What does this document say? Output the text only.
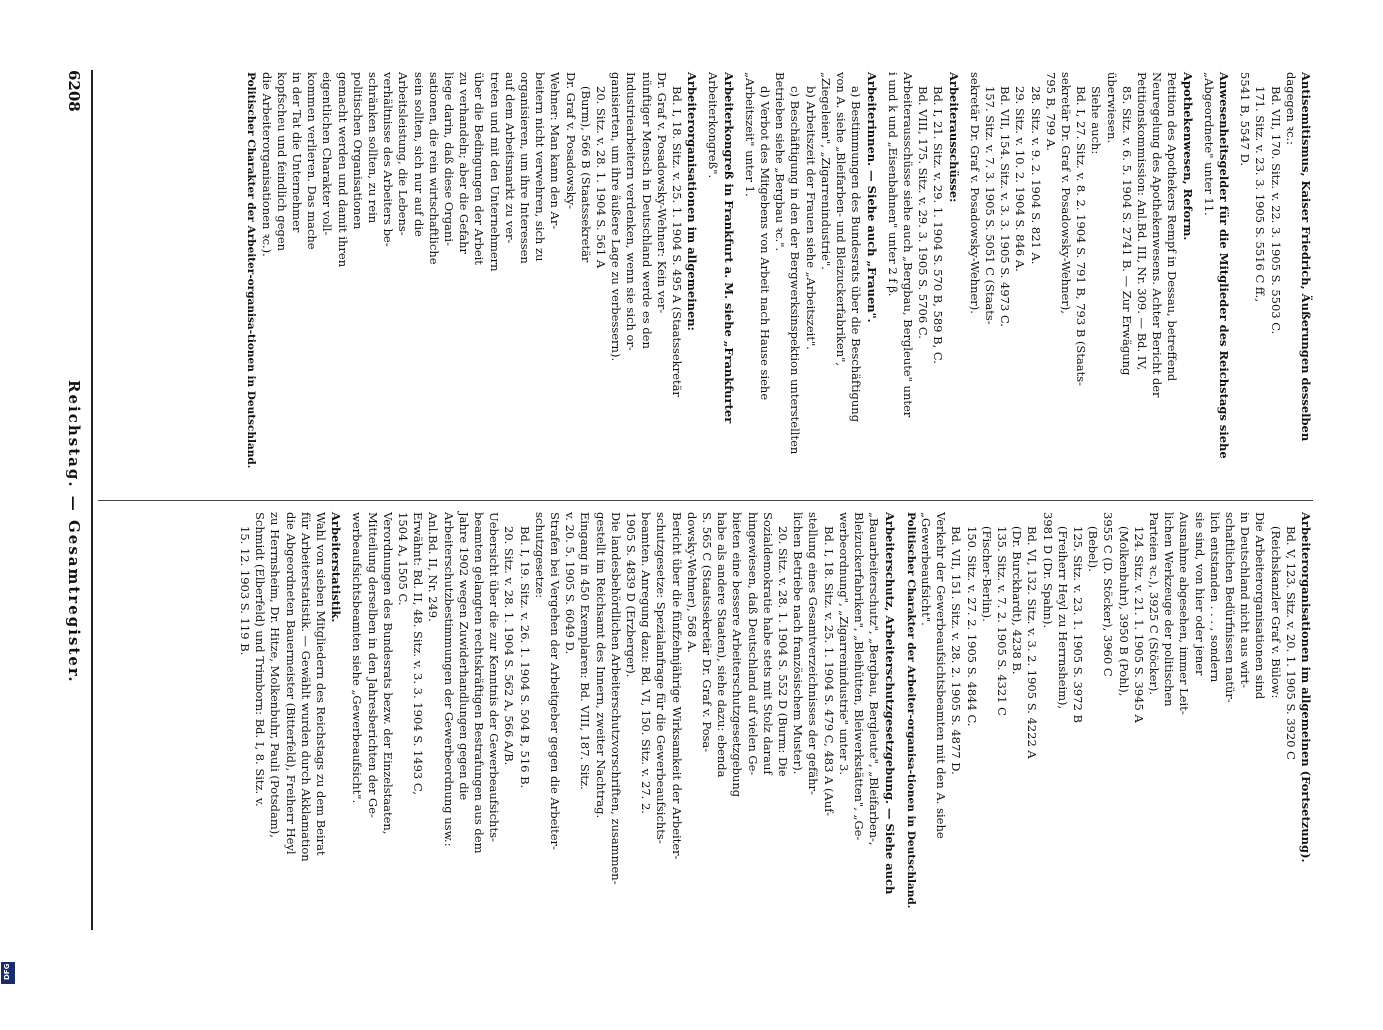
DFG
6208
Reichstag. — Gesamtregister.

Antisemitismus, Kaiser Friedrich, Äußerungen desselben

dagegen ꝛc.:

Bd. VII, 170. Sitz. v. 22. 3. 1905 S. 5503 C.

171. Sitz. v. 23. 3. 1905 S. 5516 C ff.,

5541 B, 5547 D.

Anwesenheitsgelder für die Mitglieder des Reichstags siehe

„Abgeordnete" unter 11.

Apothekenwesen, Reform.

Petition des Apothekers Rempf in Dessau, betreffend

Neuregelung des Apothekenwesens. Achter Bericht der

Petitionskommission: Anl.Bd. III, Nr. 309. — Bd. IV,

85. Sitz. v. 6. 5. 1904 S. 2741 B. — Zur Erwägung

überwiesen.

Siehe auch:

Bd. I, 27. Sitz. v. 8. 2. 1904 S. 791 B, 793 B (Staats-

sekretär Dr. Graf v. Posadowsky-Wehner),

795 B, 799 A.

28. Sitz. v. 9. 2. 1904 S. 821 A.

29. Sitz. v. 10. 2. 1904 S. 846 A.

Bd. VII, 154. Sitz. v. 3. 3. 1905 S. 4973 C.

157. Sitz. v. 7. 3. 1905 S. 5051 C (Staats-

sekretär Dr. Graf v. Posadowsky-Wehner).

Arbeiterausschüsse:

Bd. I, 21. Sitz. v. 29. 1. 1904 S. 570 B, 589 B, C.

Bd. VIII, 175. Sitz. v. 29. 3. 1905 S. 5706 C.

Arbeiterausschüsse siehe auch „Bergbau, Bergleute" unter

i und k und „Eisenbahnen" unter 2 f β.

Arbeiterinnen. — Siehe auch „Frauen".

a) Bestimmungen des Bundesrats über die Beschäftigung

von A. siehe „Bleifarben- und Bleizuckerfabriken",

„Ziegeleien", „Zigarrenindustrie".

b) Arbeitszeit der Frauen siehe „Arbeitszeit".

c) Beschäftigung in den der Bergwerksinspektion unterstellten

Betrieben siehe „Bergbau ꝛc.".

d) Verbot des Mitgebens von Arbeit nach Hause siehe

„Arbeitszeit" unter 1.

Arbeiterkongreß in Frankfurt a. M. siehe „Frankfurter

Arbeiterkongreß".

Arbeiterorganisationen im allgemeinen:

Bd. I, 18. Sitz. v. 25. 1. 1904 S. 495 A (Staatssekretär

Dr. Graf v. Posadowsky-Wehner: Kein ver-

nünftiger Mensch in Deutschland werde es den

Industriearbeitern verdenken, wenn sie sich or-

ganisierten, um ihre äußere Lage zu verbessern).

20. Sitz. v. 28. 1. 1904 S. 561 A

(Burm), 566 B (Staatssekretär

Dr. Graf v. Posadowsky-

Wehner: Man kann den Ar-

beitern nicht verwehren, sich zu

organisieren, um ihre Interessen

auf dem Arbeitsmarkt zu ver-

treten und mit den Unternehmern

über die Bedingungen der Arbeit

zu verhandeln; aber die Gefahr

liege darin, daß diese Organi-

sationen, die rein wirtschaftliche

sein sollten, sich nur auf die

Arbeitsleistung, die Lebens-

verhältnisse des Arbeiters be-

schränken sollten, zu rein

politischen Organisationen

gemacht werden und damit ihren

eigentlichen Charakter voll-

kommen verlieren. Das mache

in der Tat die Unternehmer

kopfscheu und feindlich gegen

die Arbeiterorganisationen ꝛc.).

Politischer Charakter der Arbeiter-organisa-tionen in Deutschland.

Arbeiterorganisationen im allgemeinen (Fortsetzung).

Bd. V, 123. Sitz. v. 20. 1. 1905 S. 3920 C

(Reichskanzler Graf v. Bülow:

Die Arbeiterorganisationen sind

in Deutschland nicht aus wirt-

schaftlichen Bedürfnissen natür-

lich entstanden . . . , sondern

sie sind, von hier oder jener

Ausnahme abgesehen, immer Leit-

lichen Werkzeuge der politischen

Parteien ꝛc.), 3925 C (Stöcker).

124. Sitz. v. 21. 1. 1905 S. 3945 A

(Molkenbuhr), 3950 B (Pohl),

3955 C (D. Stöcker), 3960 C

(Bebel).

125. Sitz. v. 23. 1. 1905 S. 3972 B

(Freiherr Heyl zu Herrnsheim),

3981 D (Dr. Spahn).

Bd. VI, 132. Sitz. v. 3. 2. 1905 S. 4222 A

(Dr. Burckhardt), 4238 B.

135. Sitz. v. 7. 2. 1905 S. 4321 C

(Fischer-Berlin).

150. Sitz. v. 27. 2. 1905 S. 4844 C.

Bd. VII, 151. Sitz. v. 28. 2. 1905 S. 4877 D.

Verkehr der Gewerbeaufsichtsbeamten mit den A. siehe

„Gewerbeaufsicht".

Politischer Charakter der Arbeiter-organisa-tionen in Deutschland.

Arbeiterschutz, Arbeiterschutzgesetzgebung. — Siehe auch

„Bauarbeiterschutz", „Bergbau, Bergleute", „Bleifarben-,

Bleizuckerfabriken", „Bleihütten, Bleiwerkstätten", „Ge-

werbeordnung", „Zigarrenindustrie" unter 3.

Bd. I, 18. Sitz. v. 25. 1. 1904 S. 479 C, 483 A (Auf-

stellung eines Gesamtverzeichnisses der gefähr-

lichen Betriebe nach französischem Muster).

20. Sitz. v. 28. 1. 1904 S. 552 D (Burm: Die

Sozialdemokratie habe stets mit Stolz darauf

hingewiesen, daß Deutschland auf vielen Ge-

bieten eine bessere Arbeiterschutzgesetzgebung

habe als andere Staaten), siehe dazu: ebenda

S. 565 C (Staatssekretär Dr. Graf v. Posa-

dowsky-Wehner), 568 A.

Bericht über die fünfzehnjährige Wirksamkeit der Arbeiter-

schutzgesetze: Spezialanfrage für die Gewerbeaufsichts-

beamten. Anregung dazu: Bd. VI, 150. Sitz. v. 27. 2.

1905 S. 4839 D (Erzberger).

Die landesbehördlichen Arbeiterschutzvorschriften, zusammen-

gestellt im Reichsamt des Innern, zweiter Nachtrag.

Eingang in 450 Exemplaren: Bd. VIII, 187. Sitz.

v. 20. 5. 1905 S. 6049 D.

Strafen bei Vergehen der Arbeitgeber gegen die Arbeiter-

schutzgesetze:

Bd. I, 19. Sitz. v. 26. 1. 1904 S. 504 B, 516 B.

20. Sitz. v. 28. 1. 1904 S. 562 A, 566 A/B.

Uebersicht über die zur Kenntnis der Gewerbeaufsichts-

beamten gelangten rechtskräftigen Bestrafungen aus dem

Jahre 1902 wegen Zuwiderhandlungen gegen die

Arbeiterschutzbestimmungen der Gewerbeordnung usw.:

Anl.Bd. II, Nr. 249.

Erwähnt: Bd. II, 48. Sitz. v. 3. 3. 1904 S. 1493 C,

1504 A, 1505 C.

Verordnungen des Bundesrats bezw. der Einzelstaaten,

Mitteilung derselben in den Jahresberichten der Ge-

werbeaufsichtsbeamten siehe „Gewerbeaufsicht".

Arbeiterstatistik.

Wahl von sieben Mitgliedern des Reichstags zu dem Beirat

für Arbeiterstatistik. — Gewählt wurden durch Akklamation

die Abgeordneten Bauermeister (Bitterfeld), Freiherr Heyl

zu Herrnsheim, Dr. Hitze, Molkenbuhr, Pauli (Potsdam),

Schmidt (Elberfeld) und Trimborn: Bd. I, 8. Sitz. v.

15. 12. 1903 S. 119 B.
